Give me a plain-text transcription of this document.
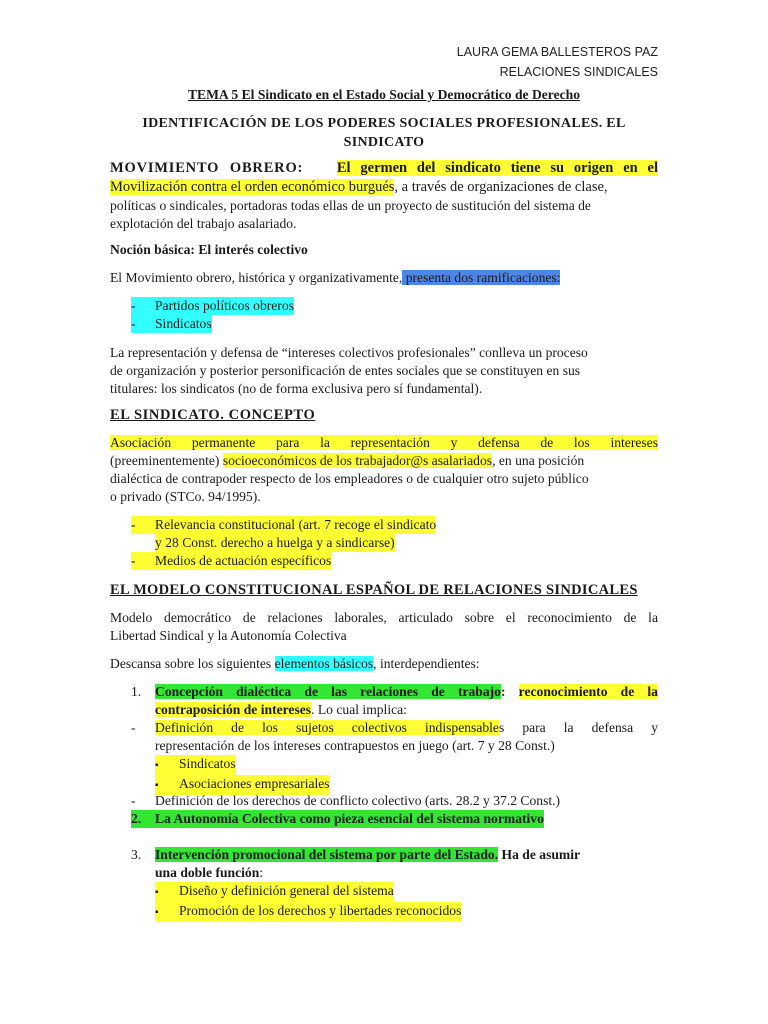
LAURA GEMA BALLESTEROS PAZ
RELACIONES SINDICALES
TEMA 5 El Sindicato en el Estado Social y Democrático de Derecho
IDENTIFICACIÓN DE LOS PODERES SOCIALES PROFESIONALES. EL
SINDICATO
MOVIMIENTO OBRERO: El germen del sindicato tiene su origen en el
Movilización contra el orden económico burgués, a través de organizaciones de clase,
políticas o sindicales, portadoras todas ellas de un proyecto de sustitución del sistema de
explotación del trabajo asalariado.
Noción básica: El interés colectivo
El Movimiento obrero, histórica y organizativamente, presenta dos ramificaciones:
- Partidos políticos obreros
- Sindicatos
La representación y defensa de “intereses colectivos profesionales” conlleva un proceso
de organización y posterior personificación de entes sociales que se constituyen en sus
titulares: los sindicatos (no de forma exclusiva pero sí fundamental).
EL SINDICATO. CONCEPTO
Asociación permanente para la representación y defensa de los intereses
(preeminentemente) socioeconómicos de los trabajador@s asalariados, en una posición
dialéctica de contrapoder respecto de los empleadores o de cualquier otro sujeto público
o privado (STCo. 94/1995).
- Relevancia constitucional (art. 7 recoge el sindicato
y 28 Const. derecho a huelga y a sindicarse)
- Medios de actuación específicos
EL MODELO CONSTITUCIONAL ESPAÑOL DE RELACIONES SINDICALES
Modelo democrático de relaciones laborales, articulado sobre el reconocimiento de la
Libertad Sindical y la Autonomía Colectiva
Descansa sobre los siguientes elementos básicos, interdependientes:
1. Concepción dialéctica de las relaciones de trabajo: reconocimiento de la
contraposición de intereses. Lo cual implica:
- Definición de los sujetos colectivos indispensables para la defensa y
representación de los intereses contrapuestos en juego (art. 7 y 28 Const.)
▪ Sindicatos
▪ Asociaciones empresariales
- Definición de los derechos de conflicto colectivo (arts. 28.2 y 37.2 Const.)
2. La Autonomía Colectiva como pieza esencial del sistema normativo
3. Intervención promocional del sistema por parte del Estado. Ha de asumir
una doble función:
▪ Diseño y definición general del sistema
▪ Promoción de los derechos y libertades reconocidos
